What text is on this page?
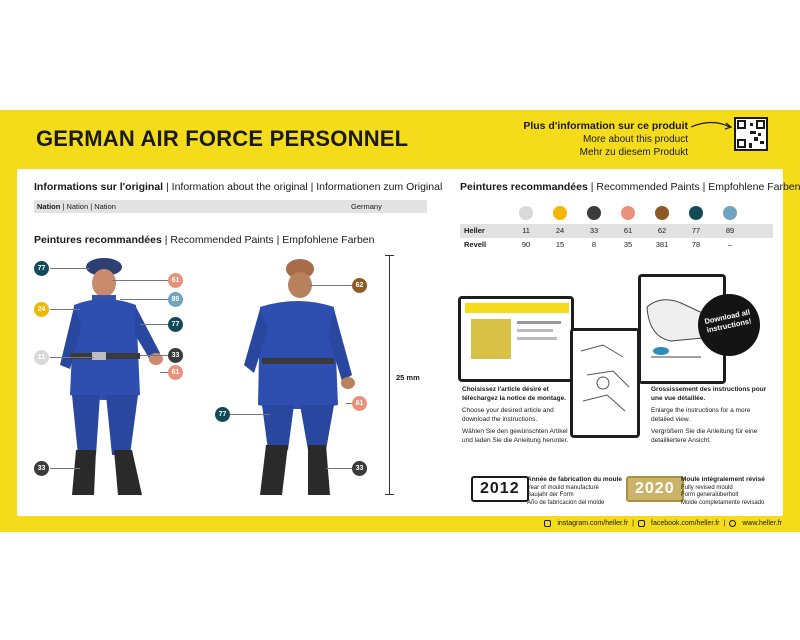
GERMAN AIR FORCE PERSONNEL	Plus d'information sur ce produit
More about this product
Mehr zu diesem Produkt
Informations sur l'original | Information about the original | Informationen zum Original
Nation | Nation | Nation	Germany
Peintures recommandées | Recommended Paints | Empfohlene Farben
77
61
89
24
77
11	33
61
33
62
61
77
33
25 mm
Peintures recommandées | Recommended Paints | Empfohlene Farben
Heller	11	24	33	61	62	77	89
Revell	90	15	8	35	381	78	–
Download all instructions!
Choisissez l'article désiré et téléchargez la notice de montage.
Choose your desired article and download the instructions.
Wählen Sie den gewünschten Artikel und laden Sie die Anleitung herunter.
Grossissement des instructions pour une vue détaillée.
Enlarge the instructions for a more detailed view.
Vergrößern Sie die Anleitung für eine detailliertere Ansicht.
2012
Année de fabrication du moule
Year of mould manufacture
Baujahr der Form
Año de fabricación del molde
2020
Moule intégralement révisé
Fully revised mould
Form generalüberholt
Molde completamente revisado
instagram.com/heller.fr | facebook.com/heller.fr | www.heller.fr
